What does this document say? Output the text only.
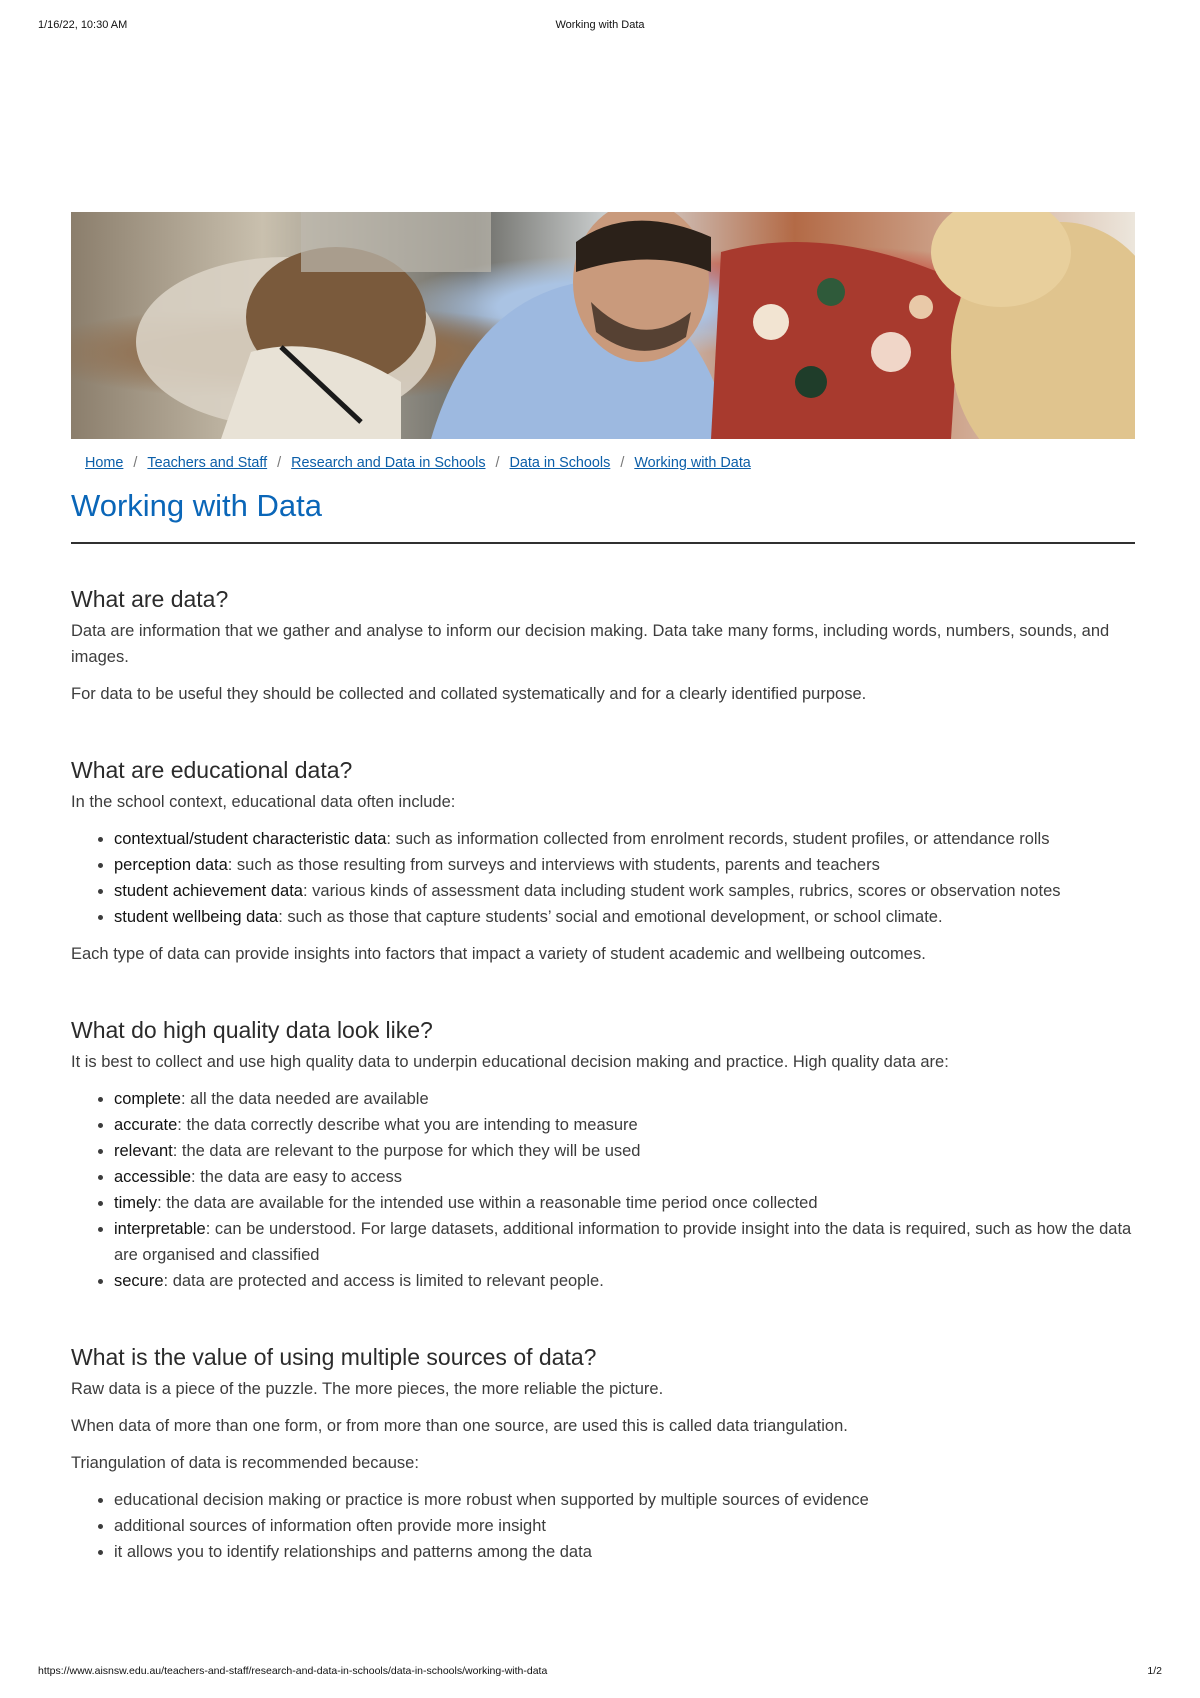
1/16/22, 10:30 AM	Working with Data
Home / Teachers and Staff / Research and Data in Schools / Data in Schools / Working with Data
Working with Data
What are data?

Data are information that we gather and analyse to inform our decision making. Data take many forms, including words, numbers, sounds, and images.

For data to be useful they should be collected and collated systematically and for a clearly identified purpose.

What are educational data?

In the school context, educational data often include:

• contextual/student characteristic data: such as information collected from enrolment records, student profiles, or attendance rolls
• perception data: such as those resulting from surveys and interviews with students, parents and teachers
• student achievement data: various kinds of assessment data including student work samples, rubrics, scores or observation notes
• student wellbeing data: such as those that capture students’ social and emotional development, or school climate.

Each type of data can provide insights into factors that impact a variety of student academic and wellbeing outcomes.

What do high quality data look like?

It is best to collect and use high quality data to underpin educational decision making and practice. High quality data are:

• complete: all the data needed are available
• accurate: the data correctly describe what you are intending to measure
• relevant: the data are relevant to the purpose for which they will be used
• accessible: the data are easy to access
• timely: the data are available for the intended use within a reasonable time period once collected
• interpretable: can be understood. For large datasets, additional information to provide insight into the data is required, such as how the data are organised and classified
• secure: data are protected and access is limited to relevant people.
What is the value of using multiple sources of data?

Raw data is a piece of the puzzle. The more pieces, the more reliable the picture.

When data of more than one form, or from more than one source, are used this is called data triangulation.

Triangulation of data is recommended because:

• educational decision making or practice is more robust when supported by multiple sources of evidence
• additional sources of information often provide more insight
• it allows you to identify relationships and patterns among the data
https://www.aisnsw.edu.au/teachers-and-staff/research-and-data-in-schools/data-in-schools/working-with-data	1/2
